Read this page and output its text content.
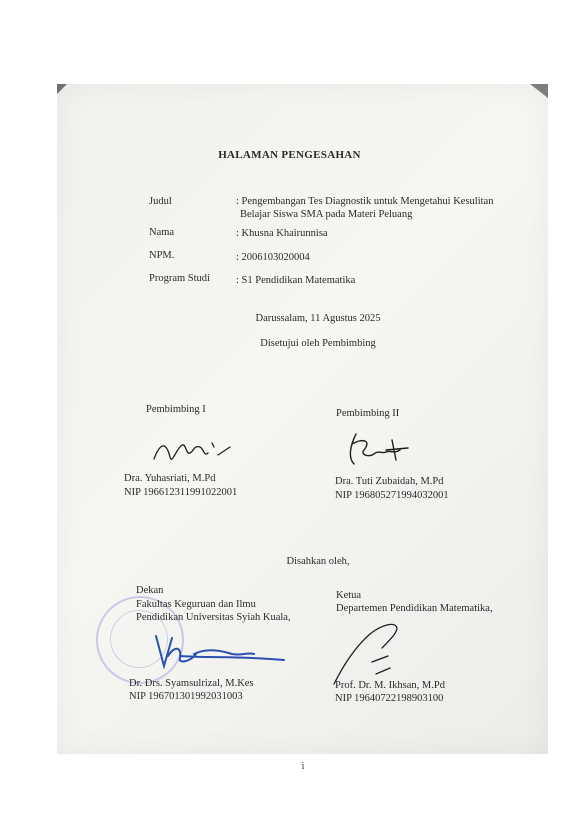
HALAMAN PENGESAHAN
Judul	: Pengembangan Tes Diagnostik untuk Mengetahui Kesulitan
Belajar Siswa SMA pada Materi Peluang
Nama	: Khusna Khairunnisa
NPM.	: 2006103020004
Program Studi : S1 Pendidikan Matematika
Darussalam, 11 Agustus 2025
Disetujui oleh Pembimbing
Pembimbing I	Pembimbing II
Dra. Yuhasriati, M.Pd
NIP 196612311991022001
Dra. Tuti Zubaidah, M.Pd
NIP 196805271994032001
Disahkan oleh,
Dekan
Fakultas Keguruan dan Ilmu
Pendidikan Universitas Syiah Kuala,
Ketua
Departemen Pendidikan Matematika,
Dr. Drs. Syamsulrizal, M.Kes
NIP 196701301992031003
Prof. Dr. M. Ikhsan, M.Pd
NIP 19640722198903100
i
